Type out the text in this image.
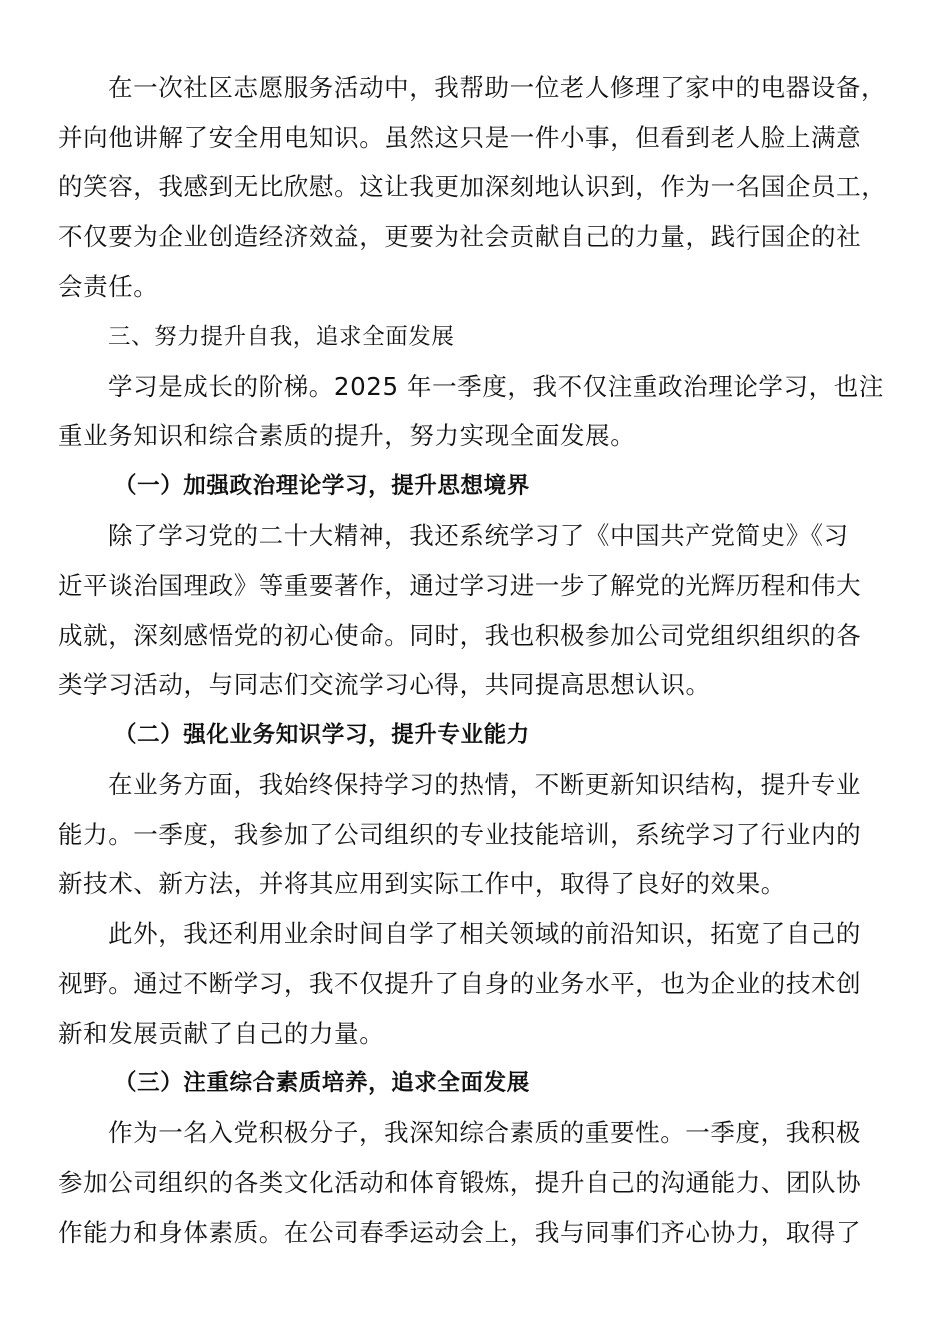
在一次社区志愿服务活动中，我帮助一位老人修理了家中的电器设备，
并向他讲解了安全用电知识。虽然这只是一件小事，但看到老人脸上满意
的笑容，我感到无比欣慰。这让我更加深刻地认识到，作为一名国企员工，
不仅要为企业创造经济效益，更要为社会贡献自己的力量，践行国企的社
会责任。
三、努力提升自我，追求全面发展
学习是成长的阶梯。2025 年一季度，我不仅注重政治理论学习，也注
重业务知识和综合素质的提升，努力实现全面发展。
（一）加强政治理论学习，提升思想境界
除了学习党的二十大精神，我还系统学习了《中国共产党简史》《习
近平谈治国理政》等重要著作，通过学习进一步了解党的光辉历程和伟大
成就，深刻感悟党的初心使命。同时，我也积极参加公司党组织组织的各
类学习活动，与同志们交流学习心得，共同提高思想认识。
（二）强化业务知识学习，提升专业能力
在业务方面，我始终保持学习的热情，不断更新知识结构，提升专业
能力。一季度，我参加了公司组织的专业技能培训，系统学习了行业内的
新技术、新方法，并将其应用到实际工作中，取得了良好的效果。
此外，我还利用业余时间自学了相关领域的前沿知识，拓宽了自己的
视野。通过不断学习，我不仅提升了自身的业务水平，也为企业的技术创
新和发展贡献了自己的力量。
（三）注重综合素质培养，追求全面发展
作为一名入党积极分子，我深知综合素质的重要性。一季度，我积极
参加公司组织的各类文化活动和体育锻炼，提升自己的沟通能力、团队协
作能力和身体素质。在公司春季运动会上，我与同事们齐心协力，取得了
